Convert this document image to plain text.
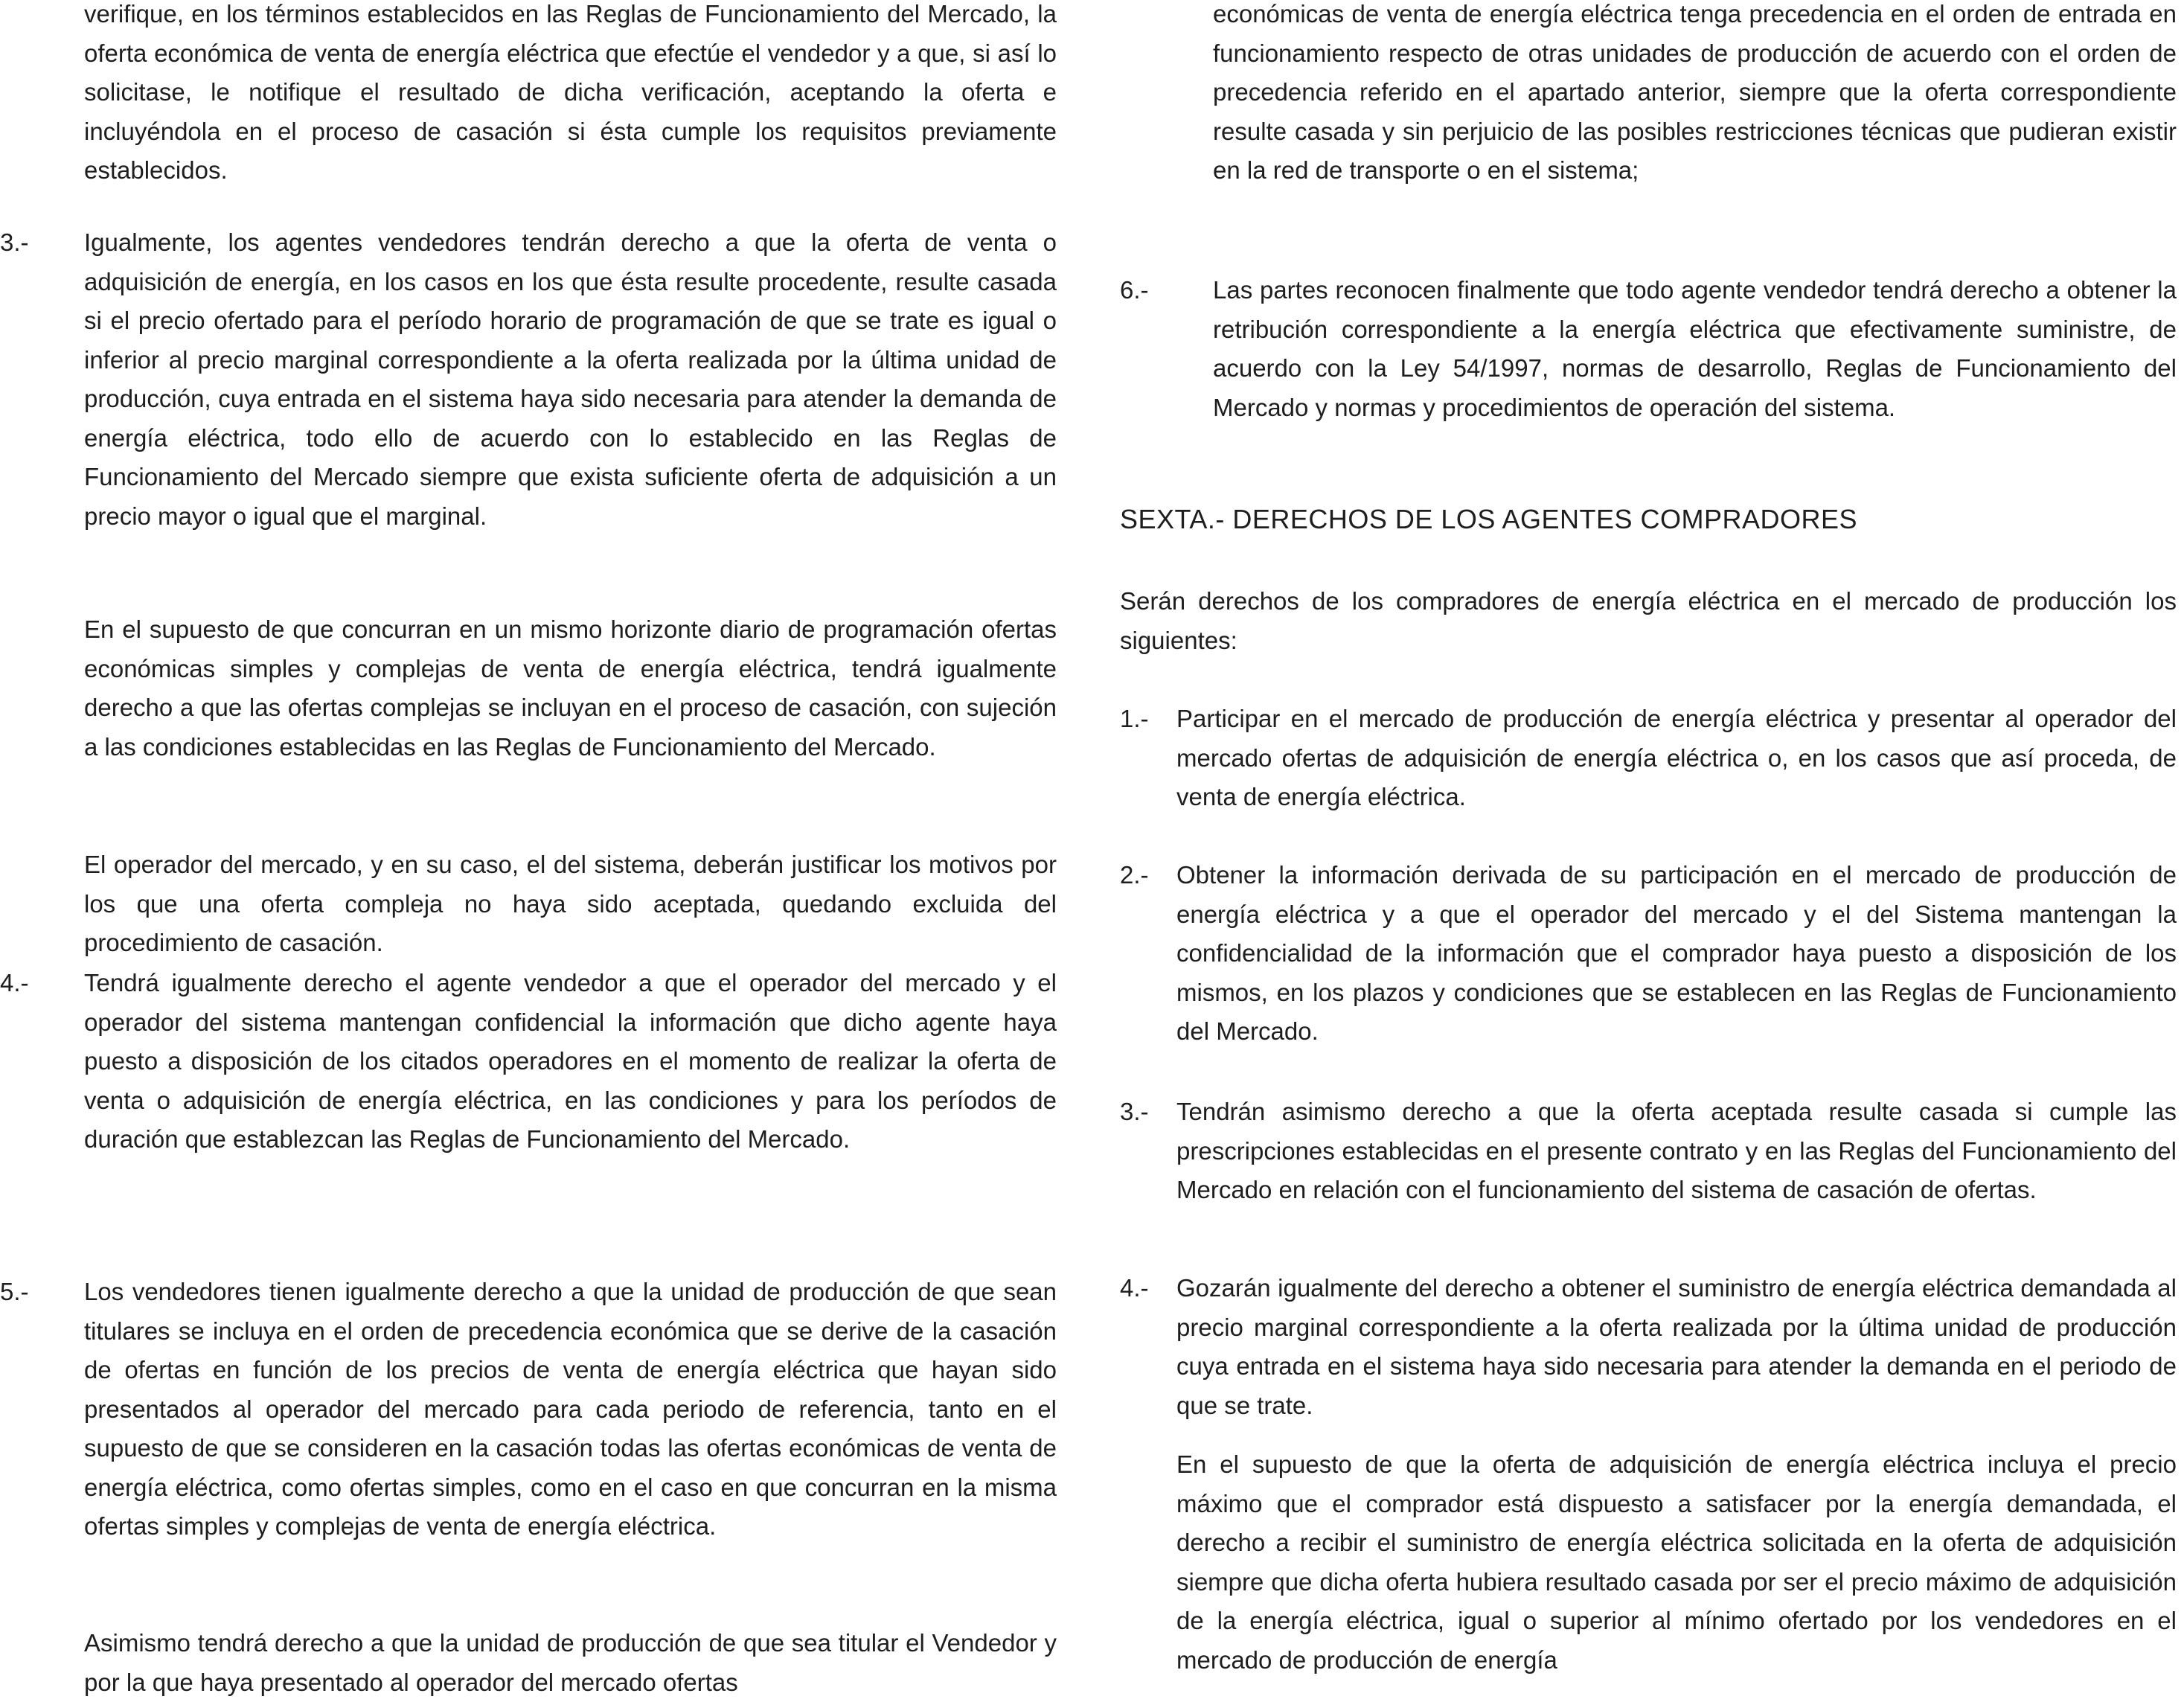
verifique, en los términos establecidos en las Reglas de Funcionamiento del Mercado, la oferta económica de venta de energía eléctrica que efectúe el vendedor y a que, si así lo solicitase, le notifique el resultado de dicha verificación, aceptando la oferta e incluyéndola en el proceso de casación si ésta cumple los requisitos previamente establecidos.

3.- Igualmente, los agentes vendedores tendrán derecho a que la oferta de venta o adquisición de energía, en los casos en los que ésta resulte procedente, resulte casada si el precio ofertado para el período horario de programación de que se trate es igual o inferior al precio marginal correspondiente a la oferta realizada por la última unidad de producción, cuya entrada en el sistema haya sido necesaria para atender la demanda de energía eléctrica, todo ello de acuerdo con lo establecido en las Reglas de Funcionamiento del Mercado siempre que exista suficiente oferta de adquisición a un precio mayor o igual que el marginal.

En el supuesto de que concurran en un mismo horizonte diario de programación ofertas económicas simples y complejas de venta de energía eléctrica, tendrá igualmente derecho a que las ofertas complejas se incluyan en el proceso de casación, con sujeción a las condiciones establecidas en las Reglas de Funcionamiento del Mercado.

El operador del mercado, y en su caso, el del sistema, deberán justificar los motivos por los que una oferta compleja no haya sido aceptada, quedando excluida del procedimiento de casación.

4.- Tendrá igualmente derecho el agente vendedor a que el operador del mercado y el operador del sistema mantengan confidencial la información que dicho agente haya puesto a disposición de los citados operadores en el momento de realizar la oferta de venta o adquisición de energía eléctrica, en las condiciones y para los períodos de duración que establezcan las Reglas de Funcionamiento del Mercado.

5.- Los vendedores tienen igualmente derecho a que la unidad de producción de que sean titulares se incluya en el orden de precedencia económica que se derive de la casación de ofertas en función de los precios de venta de energía eléctrica que hayan sido presentados al operador del mercado para cada periodo de referencia, tanto en el supuesto de que se consideren en la casación todas las ofertas económicas de venta de energía eléctrica, como ofertas simples, como en el caso en que concurran en la misma ofertas simples y complejas de venta de energía eléctrica.

Asimismo tendrá derecho a que la unidad de producción de que sea titular el Vendedor y por la que haya presentado al operador del mercado ofertas

económicas de venta de energía eléctrica tenga precedencia en el orden de entrada en funcionamiento respecto de otras unidades de producción de acuerdo con el orden de precedencia referido en el apartado anterior, siempre que la oferta correspondiente resulte casada y sin perjuicio de las posibles restricciones técnicas que pudieran existir en la red de transporte o en el sistema;

6.-	Las partes reconocen finalmente que todo agente vendedor tendrá derecho a obtener la retribución correspondiente a la energía eléctrica que efectivamente suministre, de acuerdo con la Ley 54/1997, normas de desarrollo, Reglas de Funcionamiento del Mercado y normas y procedimientos de operación del sistema.

SEXTA.- DERECHOS DE LOS AGENTES COMPRADORES

Serán derechos de los compradores de energía eléctrica en el mercado de producción los siguientes:

1.- Participar en el mercado de producción de energía eléctrica y presentar al operador del mercado ofertas de adquisición de energía eléctrica o, en los casos que así proceda, de venta de energía eléctrica.

2.- Obtener la información derivada de su participación en el mercado de producción de energía eléctrica y a que el operador del mercado y el del Sistema mantengan la confidencialidad de la información que el comprador haya puesto a disposición de los mismos, en los plazos y condiciones que se establecen en las Reglas de Funcionamiento del Mercado.

3.- Tendrán asimismo derecho a que la oferta aceptada resulte casada si cumple las prescripciones establecidas en el presente contrato y en las Reglas del Funcionamiento del Mercado en relación con el funcionamiento del sistema de casación de ofertas.

4.- Gozarán igualmente del derecho a obtener el suministro de energía eléctrica demandada al precio marginal correspondiente a la oferta realizada por la última unidad de producción cuya entrada en el sistema haya sido necesaria para atender la demanda en el periodo de que se trate.

En el supuesto de que la oferta de adquisición de energía eléctrica incluya el precio máximo que el comprador está dispuesto a satisfacer por la energía demandada, el derecho a recibir el suministro de energía eléctrica solicitada en la oferta de adquisición siempre que dicha oferta hubiera resultado casada por ser el precio máximo de adquisición de la energía eléctrica, igual o superior al mínimo ofertado por los vendedores en el mercado de producción de energía
